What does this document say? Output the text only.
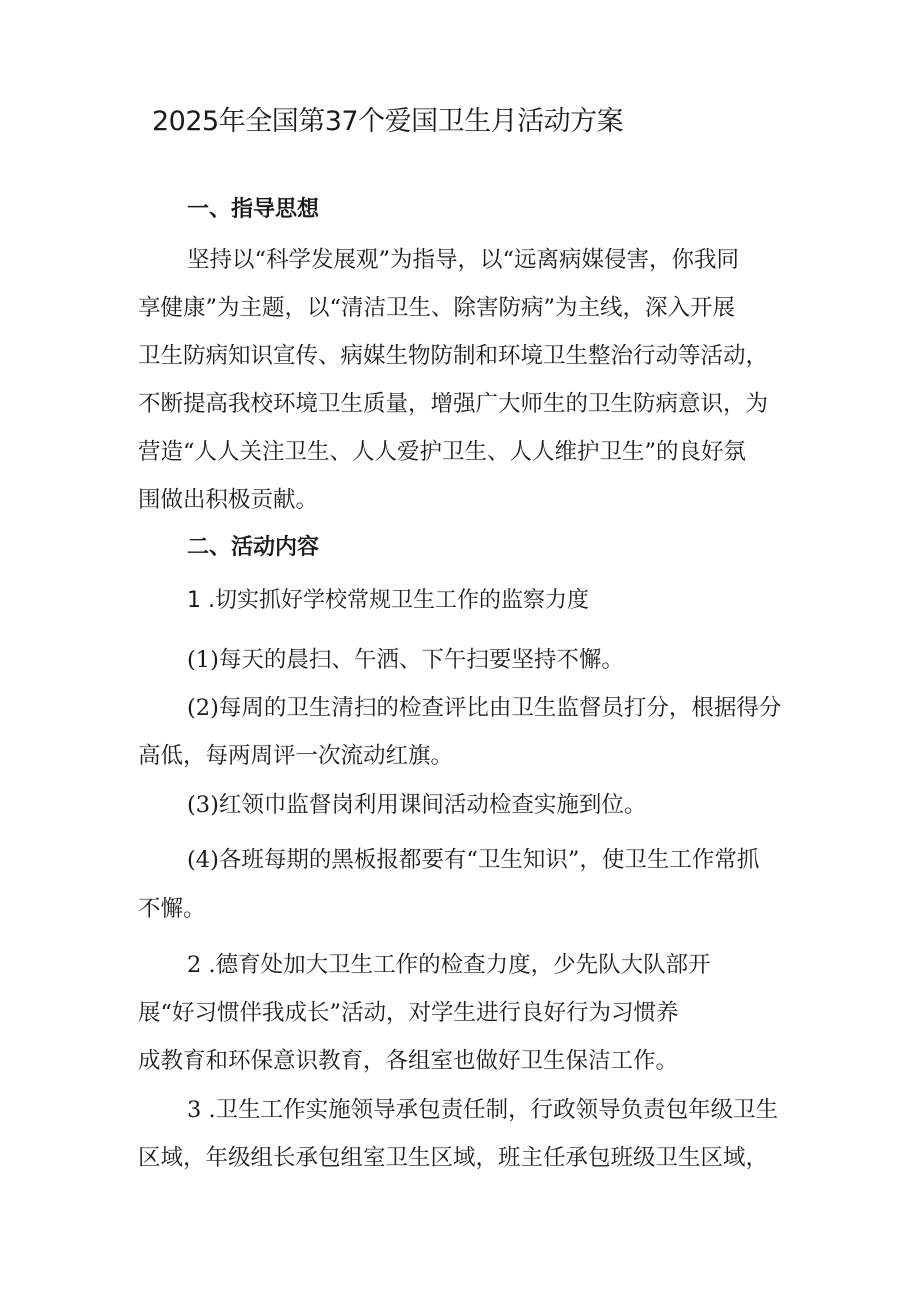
2025年全国第37个爱国卫生月活动方案
一、指导思想
坚持以“科学发展观”为指导，以“远离病媒侵害，你我同
享健康”为主题，以“清洁卫生、除害防病”为主线，深入开展
卫生防病知识宣传、病媒生物防制和环境卫生整治行动等活动，
不断提高我校环境卫生质量，增强广大师生的卫生防病意识，为
营造“人人关注卫生、人人爱护卫生、人人维护卫生”的良好氛
围做出积极贡献。
二、活动内容
1 .切实抓好学校常规卫生工作的监察力度
(1)每天的晨扫、午洒、下午扫要坚持不懈。
(2)每周的卫生清扫的检查评比由卫生监督员打分，根据得分
高低，每两周评一次流动红旗。
(3)红领巾监督岗利用课间活动检查实施到位。
(4)各班每期的黑板报都要有“卫生知识”，使卫生工作常抓
不懈。
2 .德育处加大卫生工作的检查力度，少先队大队部开
展“好习惯伴我成长”活动，对学生进行良好行为习惯养
成教育和环保意识教育，各组室也做好卫生保洁工作。
3 .卫生工作实施领导承包责任制，行政领导负责包年级卫生
区域，年级组长承包组室卫生区域，班主任承包班级卫生区域，
